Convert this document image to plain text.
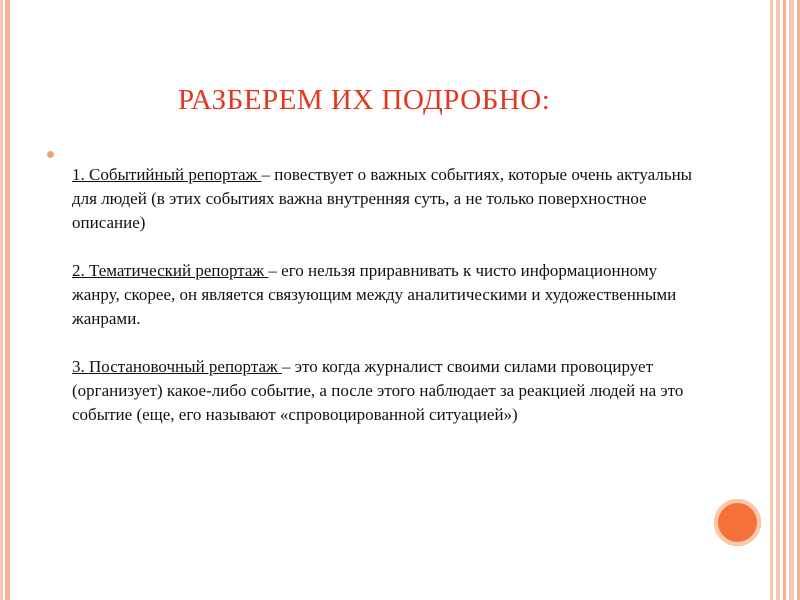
РАЗБЕРЕМ ИХ ПОДРОБНО:

1. Событийный репортаж – повествует о важных событиях, которые очень актуальны для людей (в этих событиях важна внутренняя суть, а не только поверхностное описание)

2. Тематический репортаж – его нельзя приравнивать к чисто информационному жанру, скорее, он является связующим между аналитическими и художественными жанрами.

3. Постановочный репортаж – это когда журналист своими силами провоцирует (организует) какое-либо событие, а после этого наблюдает за реакцией людей на это событие (еще, его называют «спровоцированной ситуацией»)
